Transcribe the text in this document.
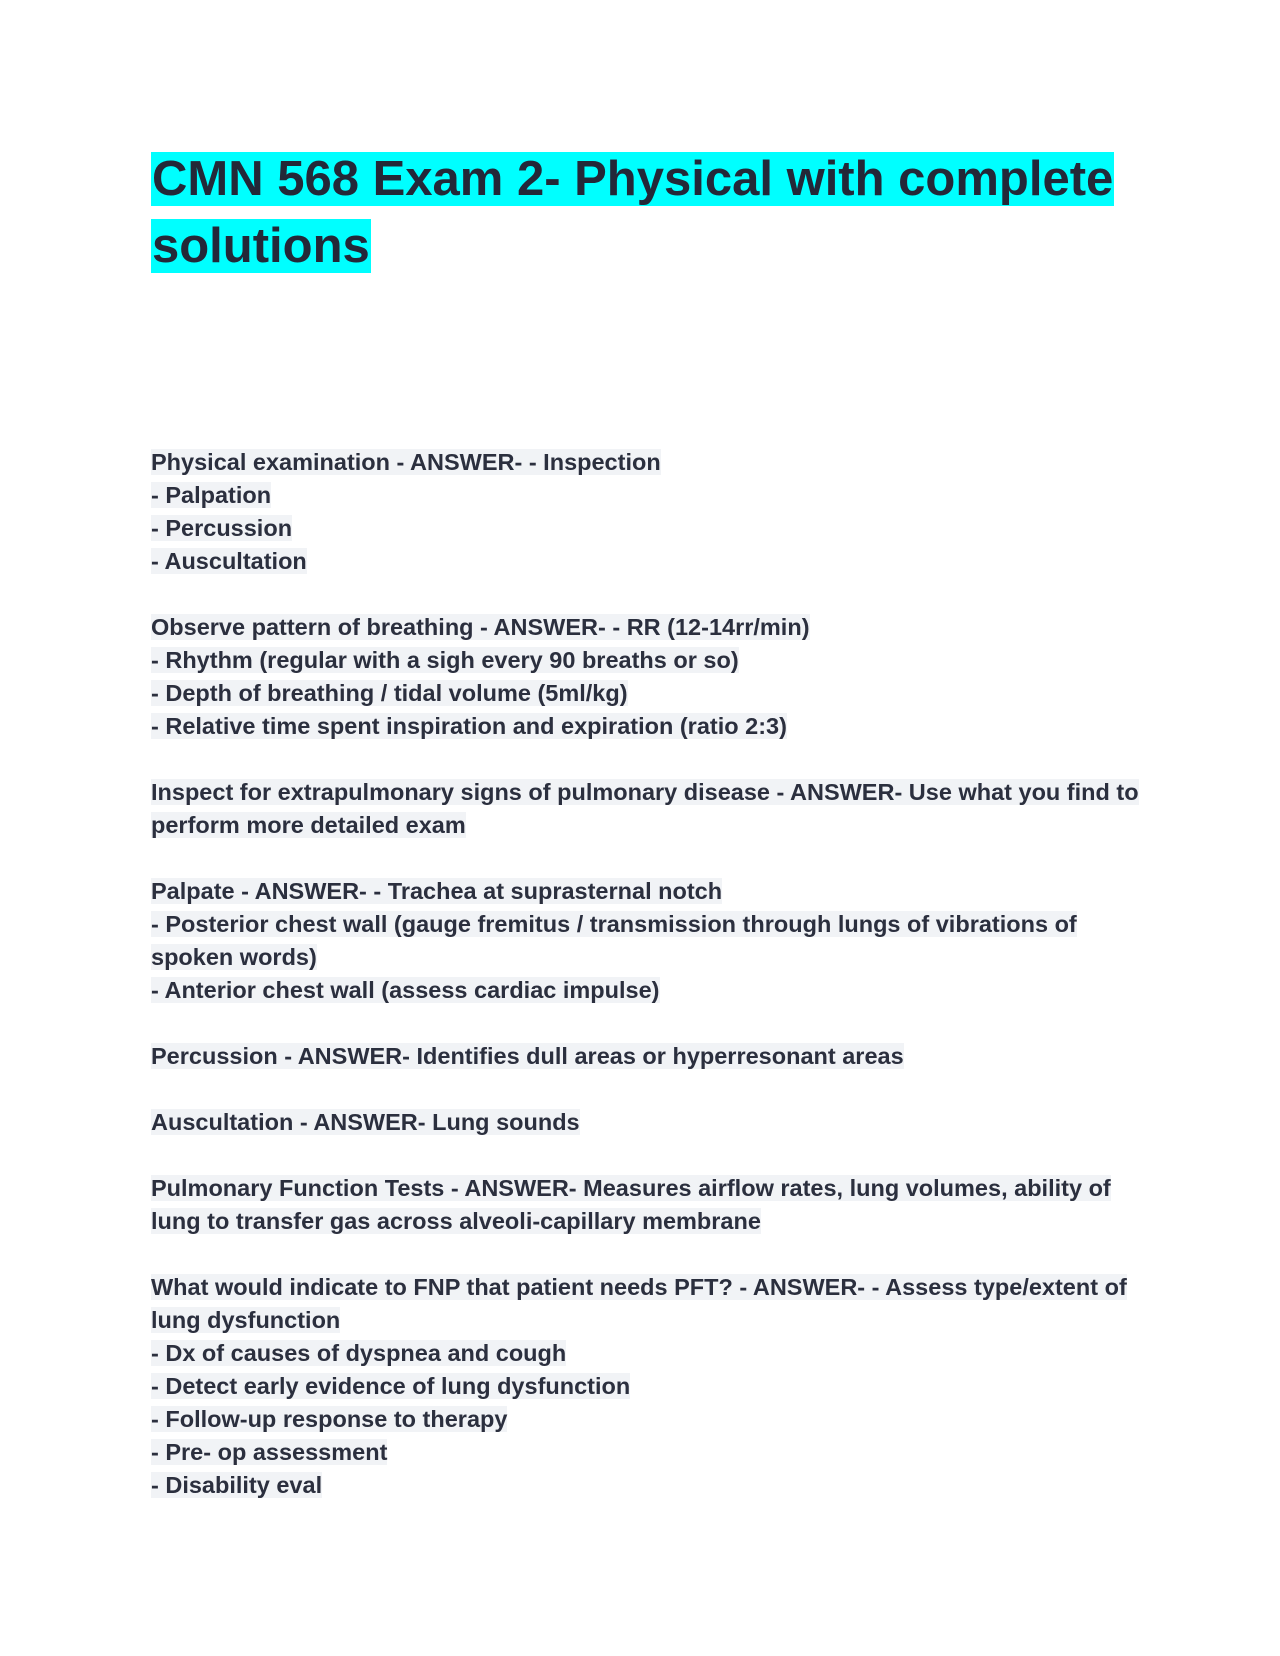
CMN 568 Exam 2- Physical with complete solutions
Physical examination - ANSWER- - Inspection
- Palpation
- Percussion
- Auscultation
Observe pattern of breathing - ANSWER- - RR (12-14rr/min)
- Rhythm (regular with a sigh every 90 breaths or so)
- Depth of breathing / tidal volume (5ml/kg)
- Relative time spent inspiration and expiration (ratio 2:3)
Inspect for extrapulmonary signs of pulmonary disease - ANSWER- Use what you find to perform more detailed exam
Palpate - ANSWER- - Trachea at suprasternal notch
- Posterior chest wall (gauge fremitus / transmission through lungs of vibrations of spoken words)
- Anterior chest wall (assess cardiac impulse)
Percussion - ANSWER- Identifies dull areas or hyperresonant areas
Auscultation - ANSWER- Lung sounds
Pulmonary Function Tests - ANSWER- Measures airflow rates, lung volumes, ability of lung to transfer gas across alveoli-capillary membrane
What would indicate to FNP that patient needs PFT? - ANSWER- - Assess type/extent of lung dysfunction
- Dx of causes of dyspnea and cough
- Detect early evidence of lung dysfunction
- Follow-up response to therapy
- Pre- op assessment
- Disability eval
